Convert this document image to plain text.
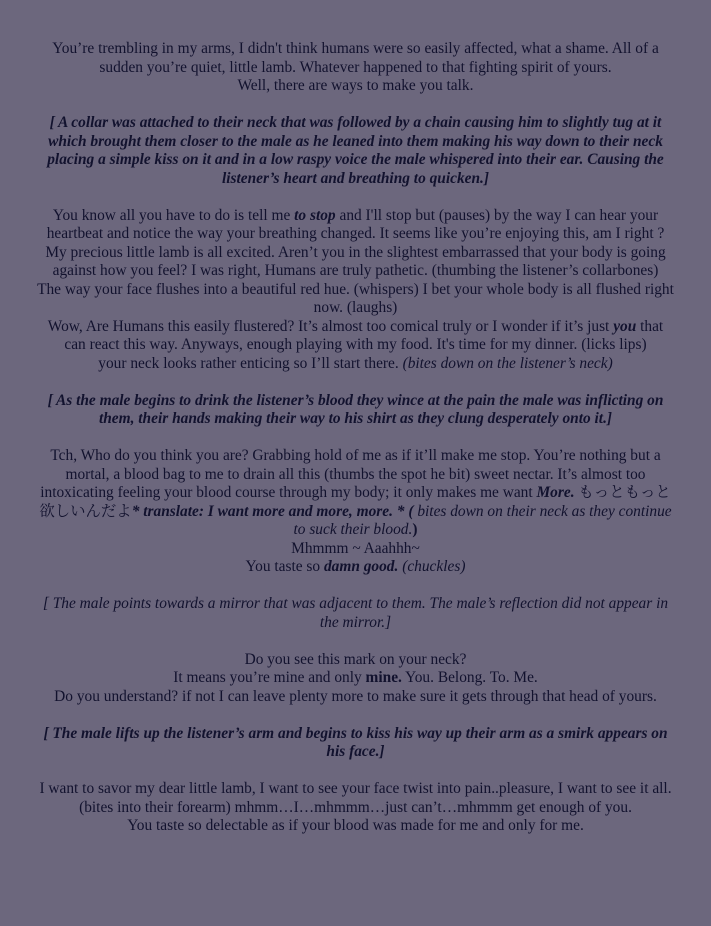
You’re trembling in my arms, I didn't think humans were so easily affected, what a shame. All of a sudden you’re quiet, little lamb. Whatever happened to that fighting spirit of yours.

Well, there are ways to make you talk.

[ A collar was attached to their neck that was followed by a chain causing him to slightly tug at it which brought them closer to the male as he leaned into them making his way down to their neck placing a simple kiss on it and in a low raspy voice the male whispered into their ear. Causing the listener’s heart and breathing to quicken.]

You know all you have to do is tell me to stop and I'll stop but (pauses) by the way I can hear your heartbeat and notice the way your breathing changed. It seems like you’re enjoying this, am I right ? My precious little lamb is all excited. Aren’t you in the slightest embarrassed that your body is going against how you feel? I was right, Humans are truly pathetic. (thumbing the listener’s collarbones)

The way your face flushes into a beautiful red hue. (whispers) I bet your whole body is all flushed right now. (laughs)

Wow, Are Humans this easily flustered? It’s almost too comical truly or I wonder if it’s just you that can react this way. Anyways, enough playing with my food. It's time for my dinner. (licks lips)

your neck looks rather enticing so I’ll start there. (bites down on the listener’s neck)

[ As the male begins to drink the listener’s blood they wince at the pain the male was inflicting on them, their hands making their way to his shirt as they clung desperately onto it.]

Tch, Who do you think you are? Grabbing hold of me as if it’ll make me stop. You’re nothing but a mortal, a blood bag to me to drain all this (thumbs the spot he bit) sweet nectar. It’s almost too intoxicating feeling your blood course through my body; it only makes me want More. もっともっと欲しいんだよ* translate: I want more and more, more. * ( bites down on their neck as they continue to suck their blood.)

Mhmmm ~ Aaahhh~

You taste so damn good. (chuckles)

[ The male points towards a mirror that was adjacent to them. The male’s reflection did not appear in the mirror.]

Do you see this mark on your neck?

It means you’re mine and only mine. You. Belong. To. Me.

Do you understand? if not I can leave plenty more to make sure it gets through that head of yours.

[ The male lifts up the listener’s arm and begins to kiss his way up their arm as a smirk appears on his face.]

I want to savor my dear little lamb, I want to see your face twist into pain..pleasure, I want to see it all. (bites into their forearm) mhmm…I…mhmmm…just can’t…mhmmm get enough of you.

You taste so delectable as if your blood was made for me and only for me.
